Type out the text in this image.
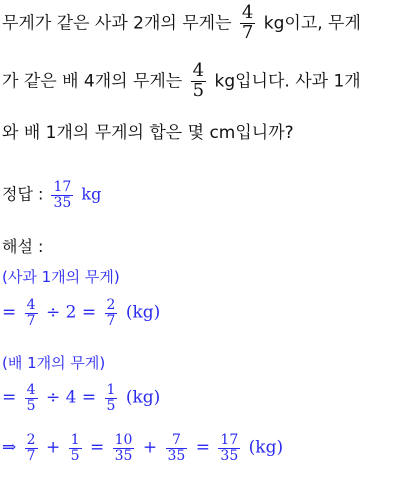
무게가 같은 사과 2개의 무게는 $\frac{4}{7}$ kg이고, 무게
가 같은 배 4개의 무게는 $\frac{4}{5}$ kg입니다. 사과 1개
와 배 1개의 무게의 합은 몇 cm입니까?
정답 : $\frac{17}{35}$ kg
해설 :
(사과 1개의 무게)
= $\frac{4}{7} \div 2 = \frac{2}{7} (kg)$
(배 1개의 무게)
= $\frac{4}{5} \div 4 = \frac{1}{5} (kg)$
⇒ $\frac{2}{7} + \frac{1}{5} = \frac{10}{35} + \frac{7}{35} = \frac{17}{35} (kg)$
